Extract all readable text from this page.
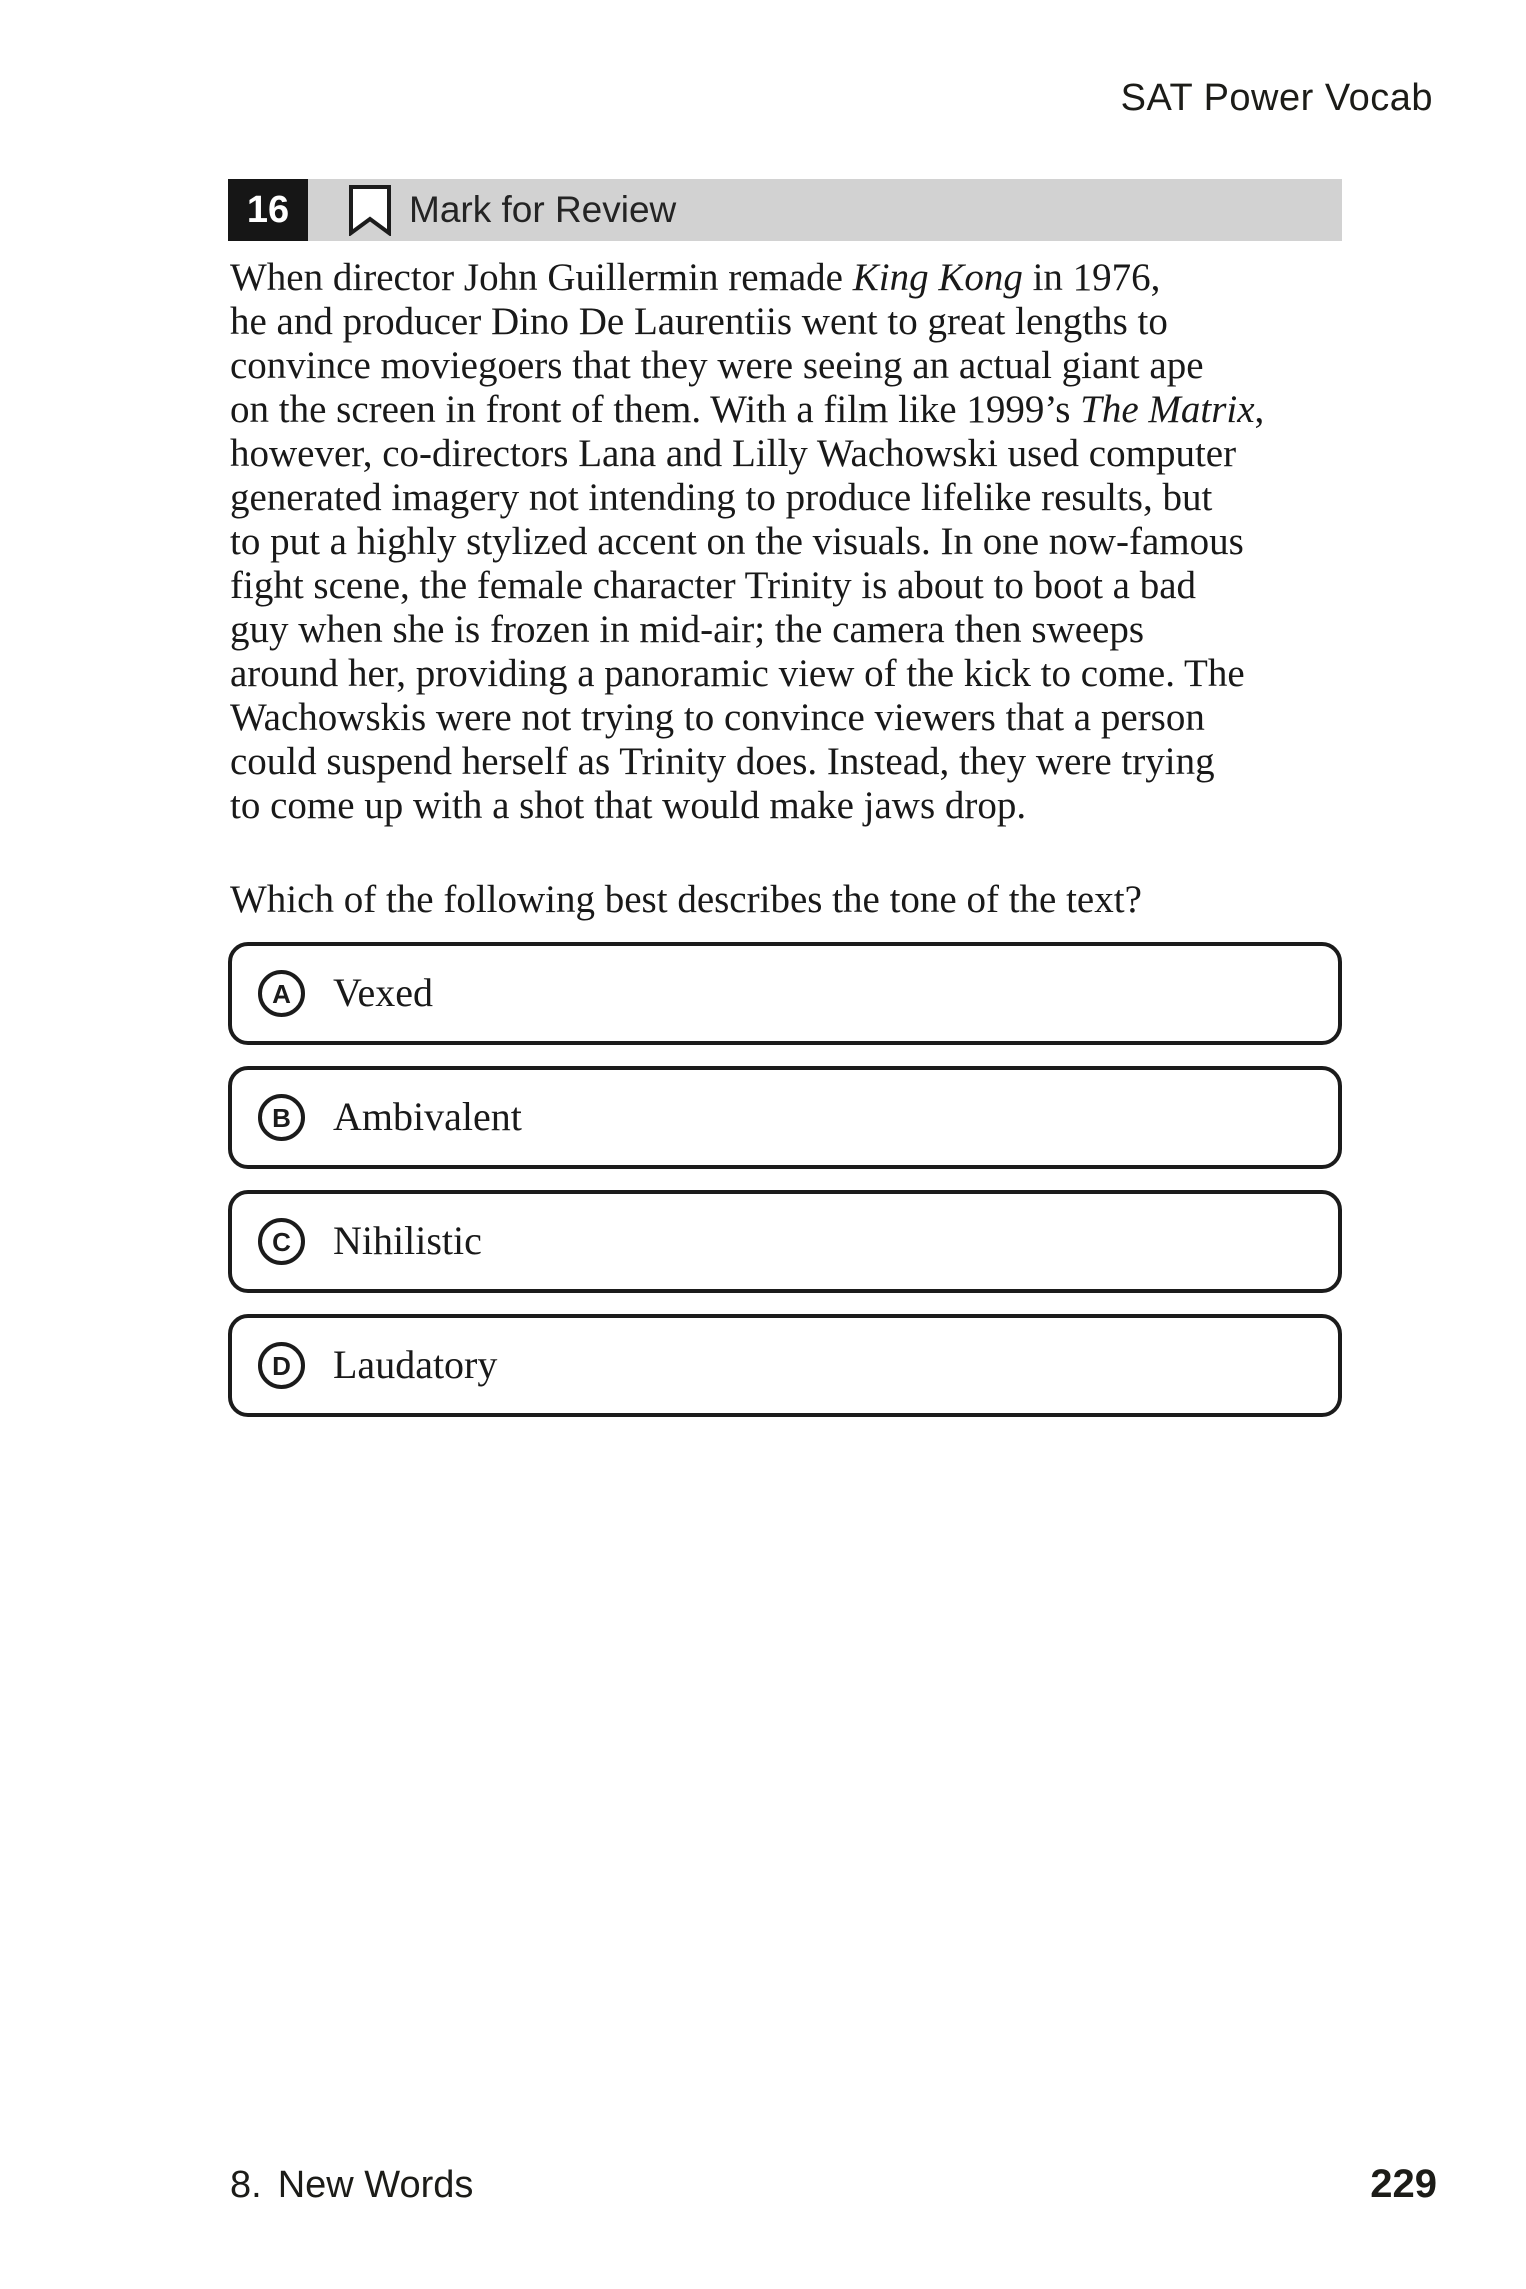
SAT Power Vocab
16	Mark for Review
When director John Guillermin remade King Kong in 1976,
he and producer Dino De Laurentiis went to great lengths to
convince moviegoers that they were seeing an actual giant ape
on the screen in front of them. With a film like 1999’s The Matrix,
however, co-directors Lana and Lilly Wachowski used computer
generated imagery not intending to produce lifelike results, but
to put a highly stylized accent on the visuals. In one now-famous
fight scene, the female character Trinity is about to boot a bad
guy when she is frozen in mid-air; the camera then sweeps
around her, providing a panoramic view of the kick to come. The
Wachowskis were not trying to convince viewers that a person
could suspend herself as Trinity does. Instead, they were trying
to come up with a shot that would make jaws drop.
Which of the following best describes the tone of the text?
A	Vexed
B	Ambivalent
C	Nihilistic
D	Laudatory
8. New Words	229
